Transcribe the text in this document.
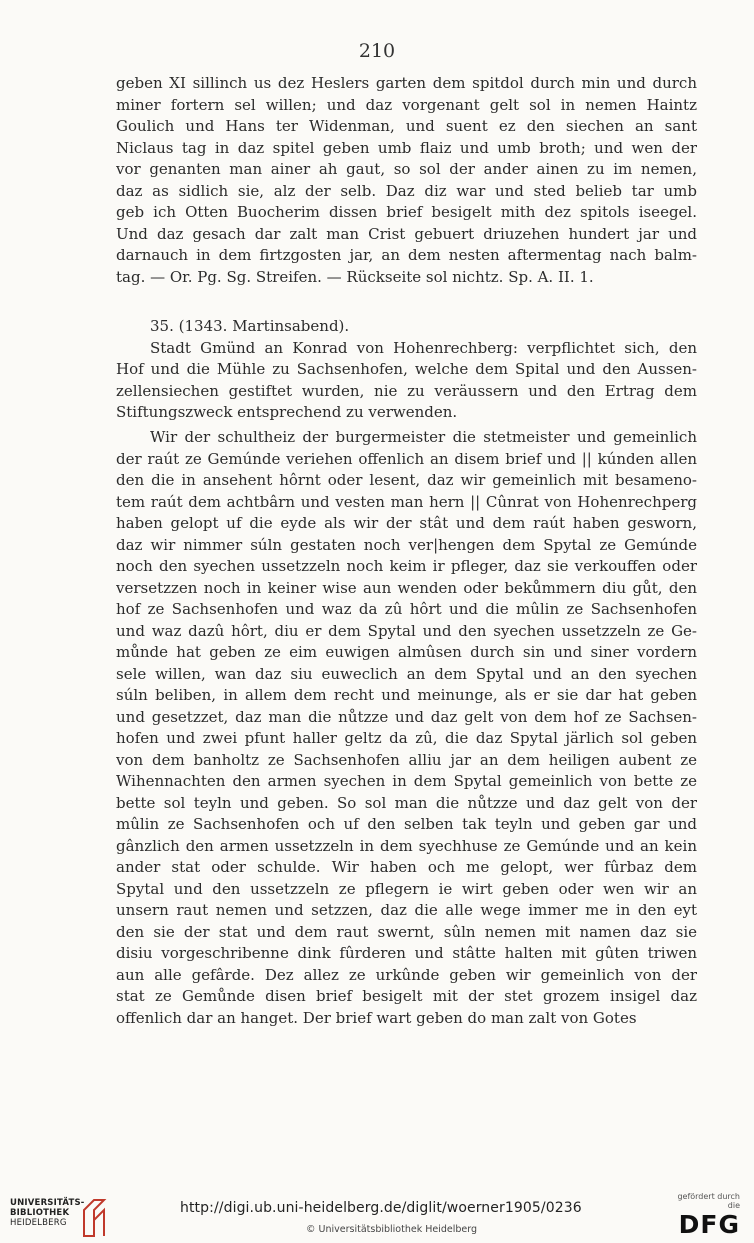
210
geben XI sillinch us dez Heslers garten dem spitdol durch min und durch
miner fortern sel willen; und daz vorgenant gelt sol in nemen Haintz
Goulich und Hans ter Widenman, und suent ez den siechen an sant
Niclaus tag in daz spitel geben umb flaiz und umb broth; und wen der
vor genanten man ainer ah gaut, so sol der ander ainen zu im nemen,
daz as sidlich sie, alz der selb. Daz diz war und sted belieb tar umb
geb ich Otten Buocherim dissen brief besigelt mith dez spitols iseegel.
Und daz gesach dar zalt man Crist gebuert driuzehen hundert jar und
darnauch in dem firtzgosten jar, an dem nesten aftermentag nach balm-
tag. — Or. Pg. Sg. Streifen. — Rückseite sol nichtz. Sp. A. II. 1.
35. (1343. Martinsabend).
Stadt Gmünd an Konrad von Hohenrechberg: verpflichtet sich, den
Hof und die Mühle zu Sachsenhofen, welche dem Spital und den Aussen-
zellensiechen gestiftet wurden, nie zu veräussern und den Ertrag dem
Stiftungszweck entsprechend zu verwenden.
Wir der schultheiz der burgermeister die stetmeister und gemeinlich
der raút ze Gemúnde veriehen offenlich an disem brief und || kúnden allen
den die in ansehent hôrnt oder lesent, daz wir gemeinlich mit besameno-
tem raút dem achtbârn und vesten man hern || Cûnrat von Hohenrechperg
haben gelopt uf die eyde als wir der stât und dem raút haben gesworn,
daz wir nimmer súln gestaten noch ver|hengen dem Spytal ze Gemúnde
noch den syechen ussetzzeln noch keim ir pfleger, daz sie verkouffen oder
versetzzen noch in keiner wise aun wenden oder bekůmmern diu gůt, den
hof ze Sachsenhofen und waz da zû hôrt und die mûlin ze Sachsenhofen
und waz dazû hôrt, diu er dem Spytal und den syechen ussetzzeln ze Ge-
můnde hat geben ze eim euwigen almûsen durch sin und siner vordern
sele willen, wan daz siu euweclich an dem Spytal und an den syechen
súln beliben, in allem dem recht und meinunge, als er sie dar hat geben
und gesetzzet, daz man die nůtzze und daz gelt von dem hof ze Sachsen-
hofen und zwei pfunt haller geltz da zû, die daz Spytal järlich sol geben
von dem banholtz ze Sachsenhofen alliu jar an dem heiligen aubent ze
Wihennachten den armen syechen in dem Spytal gemeinlich von bette ze
bette sol teyln und geben. So sol man die nůtzze und daz gelt von der
mûlin ze Sachsenhofen och uf den selben tak teyln und geben gar und
gânzlich den armen ussetzzeln in dem syechhuse ze Gemúnde und an kein
ander stat oder schulde. Wir haben och me gelopt, wer fûrbaz dem
Spytal und den ussetzzeln ze pflegern ie wirt geben oder wen wir an
unsern raut nemen und setzzen, daz die alle wege immer me in den eyt
den sie der stat und dem raut swernt, sûln nemen mit namen daz sie
disiu vorgeschribenne dink fûrderen und stâtte halten mit gûten triwen
aun alle gefârde. Dez allez ze urkûnde geben wir gemeinlich von der
stat ze Gemůnde disen brief besigelt mit der stet grozem insigel daz
offenlich dar an hanget. Der brief wart geben do man zalt von Gotes
UNIVERSITÄTS-
BIBLIOTHEK
HEIDELBERG
http://digi.ub.uni-heidelberg.de/diglit/woerner1905/0236
© Universitätsbibliothek Heidelberg
gefördert durch die
DFG
